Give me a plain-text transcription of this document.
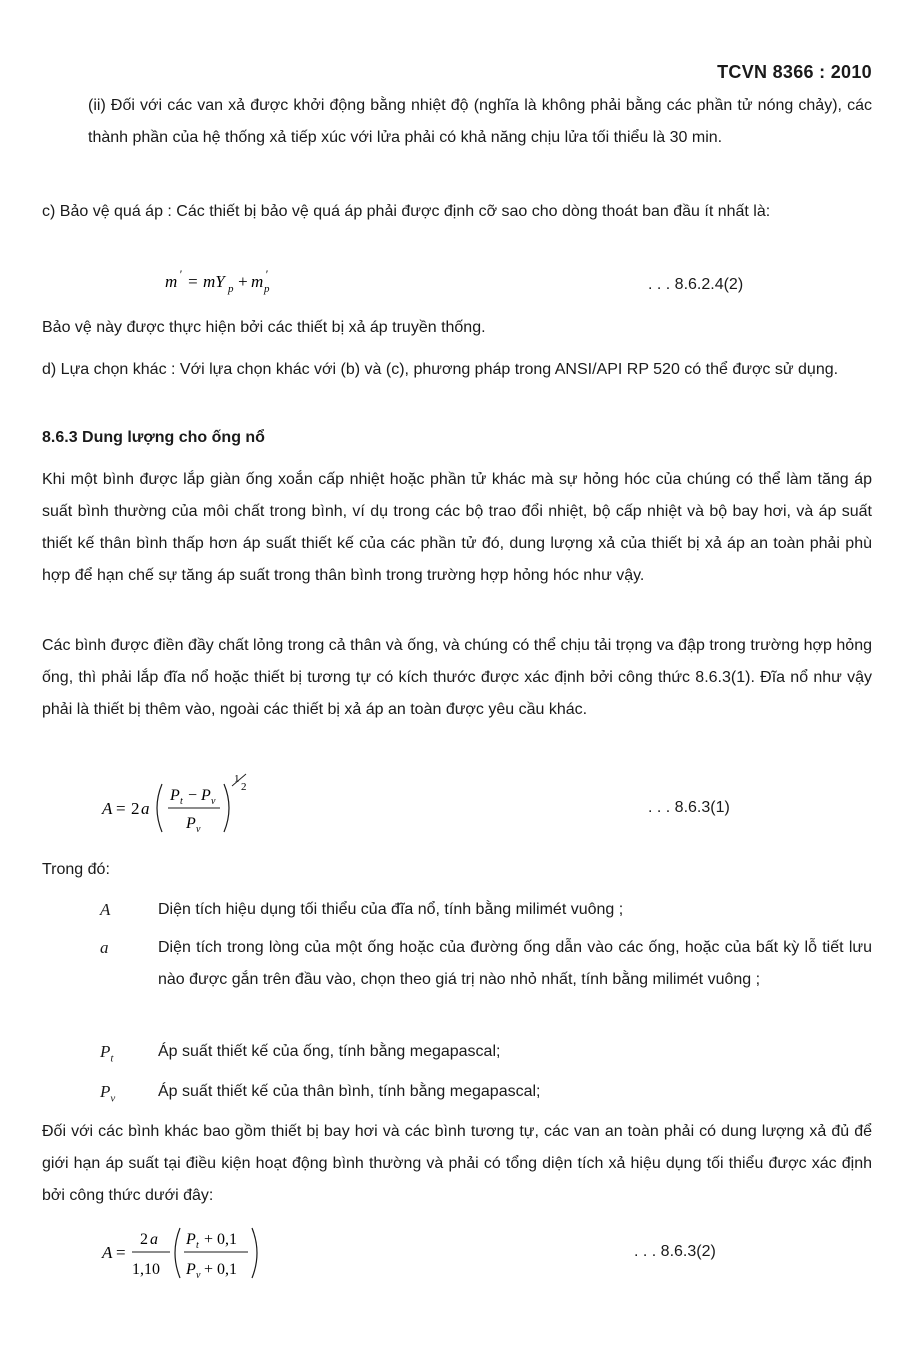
TCVN 8366 : 2010

(ii) Đối với các van xả được khởi động bằng nhiệt độ (nghĩa là không phải bằng các phần tử nóng chảy), các thành phần của hệ thống xả tiếp xúc với lửa phải có khả năng chịu lửa tối thiểu là 30 min.

c) Bảo vệ quá áp : Các thiết bị bảo vệ quá áp phải được định cỡ sao cho dòng thoát ban đầu ít nhất là:

m ' = mY p + m '
p	. . . 8.6.2.4(2)

Bảo vệ này được thực hiện bởi các thiết bị xả áp truyền thống.

d) Lựa chọn khác : Với lựa chọn khác với (b) và (c), phương pháp trong ANSI/API RP 520 có thể được sử dụng.

8.6.3 Dung lượng cho ống nổ

Khi một bình được lắp giàn ống xoắn cấp nhiệt hoặc phần tử khác mà sự hỏng hóc của chúng có thể làm tăng áp suất bình thường của môi chất trong bình, ví dụ trong các bộ trao đổi nhiệt, bộ cấp nhiệt và bộ bay hơi, và áp suất thiết kế thân bình thấp hơn áp suất thiết kế của các phần tử đó, dung lượng xả của thiết bị xả áp an toàn phải phù hợp để hạn chế sự tăng áp suất trong thân bình trong trường hợp hỏng hóc như vậy.

Các bình được điền đầy chất lỏng trong cả thân và ống, và chúng có thể chịu tải trọng va đập trong trường hợp hỏng ống, thì phải lắp đĩa nổ hoặc thiết bị tương tự có kích thước được xác định bởi công thức 8.6.3(1). Đĩa nổ như vậy phải là thiết bị thêm vào, ngoài các thiết bị xả áp an toàn được yêu cầu khác.

A = 2 a
P t − P v
P v
1
2
. . . 8.6.3(1)
Trong đó:
A	Diện tích hiệu dụng tối thiểu của đĩa nổ, tính bằng milimét vuông ;
a	Diện tích trong lòng của một ống hoặc của đường ống dẫn vào các ống, hoặc của bất kỳ lỗ tiết lưu nào được gắn trên đầu vào, chọn theo giá trị nào nhỏ nhất, tính bằng milimét vuông ;
$P_t$	Áp suất thiết kế của ống, tính bằng megapascal;
$P_v$	Áp suất thiết kế của thân bình, tính bằng megapascal;

Đối với các bình khác bao gồm thiết bị bay hơi và các bình tương tự, các van an toàn phải có dung lượng xả đủ để giới hạn áp suất tại điều kiện hoạt động bình thường và phải có tổng diện tích xả hiệu dụng tối thiểu được xác định bởi công thức dưới đây:

A =
2 a
1,10
P t + 0,1
P v + 0,1
. . . 8.6.3(2)
